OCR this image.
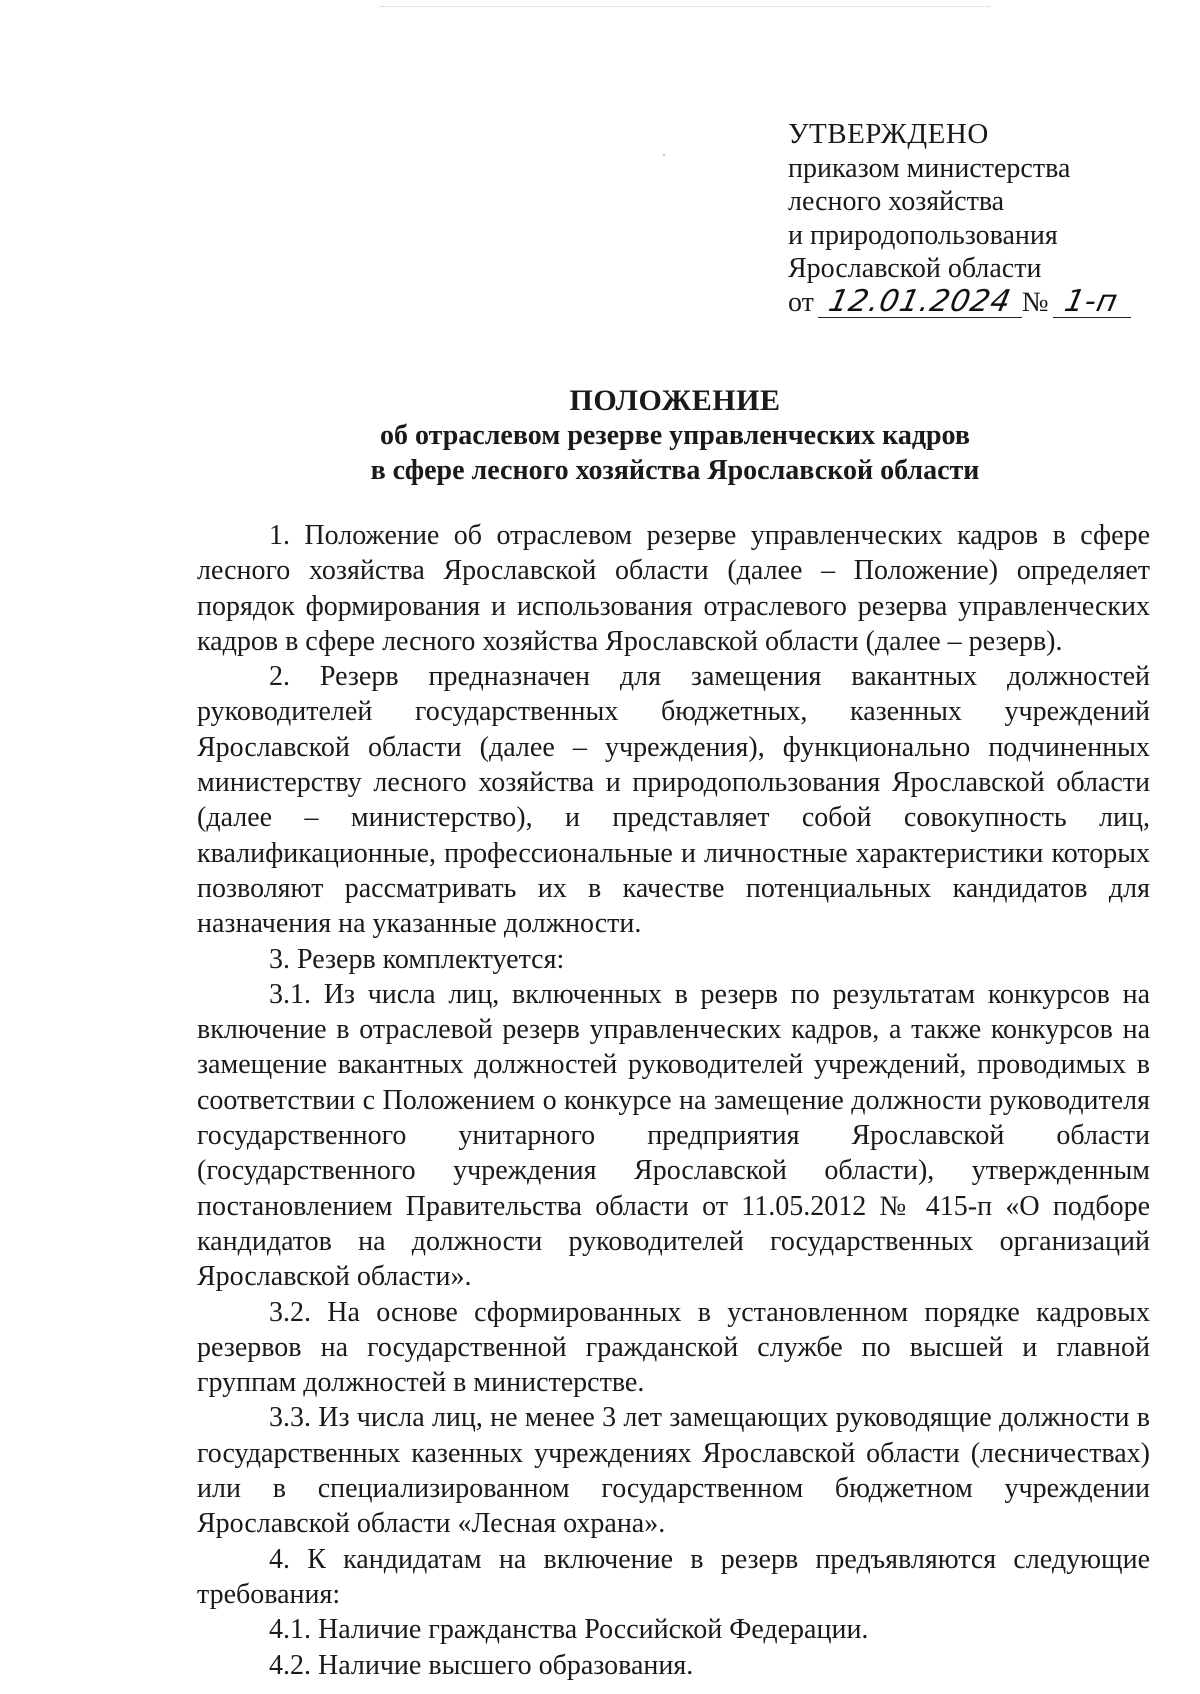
УТВЕРЖДЕНО
приказом министерства
лесного хозяйства
и природопользования
Ярославской области
от 12.01.2024 № 1-п
ПОЛОЖЕНИЕ
об отраслевом резерве управленческих кадров
в сфере лесного хозяйства Ярославской области

1. Положение об отраслевом резерве управленческих кадров в сфере лесного хозяйства Ярославской области (далее – Положение) определяет порядок формирования и использования отраслевого резерва управленческих кадров в сфере лесного хозяйства Ярославской области (далее – резерв).

2. Резерв предназначен для замещения вакантных должностей руководителей государственных бюджетных, казенных учреждений Ярославской области (далее – учреждения), функционально подчиненных министерству лесного хозяйства и природопользования Ярославской области (далее – министерство), и представляет собой совокупность лиц, квалификационные, профессиональные и личностные характеристики которых позволяют рассматривать их в качестве потенциальных кандидатов для назначения на указанные должности.

3. Резерв комплектуется:

3.1. Из числа лиц, включенных в резерв по результатам конкурсов на включение в отраслевой резерв управленческих кадров, а также конкурсов на замещение вакантных должностей руководителей учреждений, проводимых в соответствии с Положением о конкурсе на замещение должности руководителя государственного унитарного предприятия Ярославской области (государственного учреждения Ярославской области), утвержденным постановлением Правительства области от 11.05.2012 № 415-п «О подборе кандидатов на должности руководителей государственных организаций Ярославской области».

3.2. На основе сформированных в установленном порядке кадровых резервов на государственной гражданской службе по высшей и главной группам должностей в министерстве.

3.3. Из числа лиц, не менее 3 лет замещающих руководящие должности в государственных казенных учреждениях Ярославской области (лесничествах) или в специализированном государственном бюджетном учреждении Ярославской области «Лесная охрана».

4. К кандидатам на включение в резерв предъявляются следующие требования:

4.1. Наличие гражданства Российской Федерации.

4.2. Наличие высшего образования.
